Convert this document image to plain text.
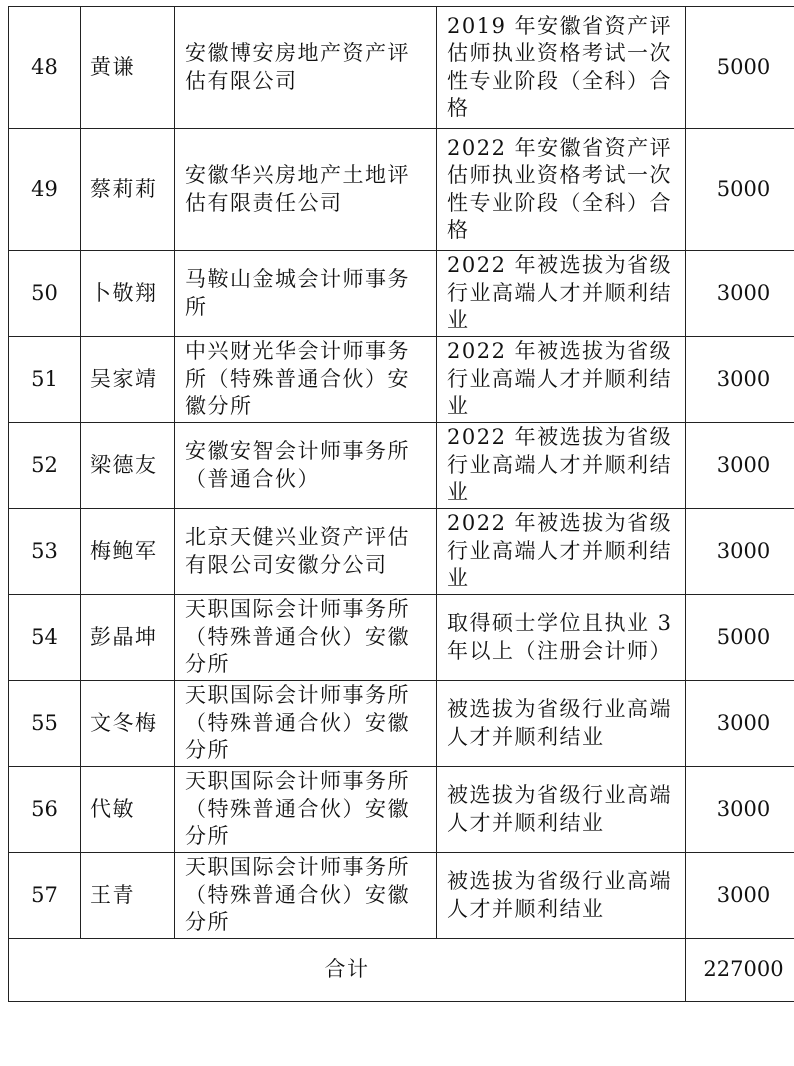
48	黄谦	安徽博安房地产资产评估有限公司	2019 年安徽省资产评估师执业资格考试一次性专业阶段（全科）合格	5000
49	蔡莉莉	安徽华兴房地产土地评估有限责任公司	2022 年安徽省资产评估师执业资格考试一次性专业阶段（全科）合格	5000
50	卜敬翔	马鞍山金城会计师事务所	2022 年被选拔为省级行业高端人才并顺利结业	3000
51	吴家靖	中兴财光华会计师事务所（特殊普通合伙）安徽分所	2022 年被选拔为省级行业高端人才并顺利结业	3000
52	梁德友	安徽安智会计师事务所（普通合伙）	2022 年被选拔为省级行业高端人才并顺利结业	3000
53	梅鲍军	北京天健兴业资产评估有限公司安徽分公司	2022 年被选拔为省级行业高端人才并顺利结业	3000
54	彭晶坤	天职国际会计师事务所（特殊普通合伙）安徽分所	取得硕士学位且执业 3 年以上（注册会计师）	5000
55	文冬梅	天职国际会计师事务所（特殊普通合伙）安徽分所	被选拔为省级行业高端人才并顺利结业	3000
56	代敏	天职国际会计师事务所（特殊普通合伙）安徽分所	被选拔为省级行业高端人才并顺利结业	3000
57	王青	天职国际会计师事务所（特殊普通合伙）安徽分所	被选拔为省级行业高端人才并顺利结业	3000
合计				227000
